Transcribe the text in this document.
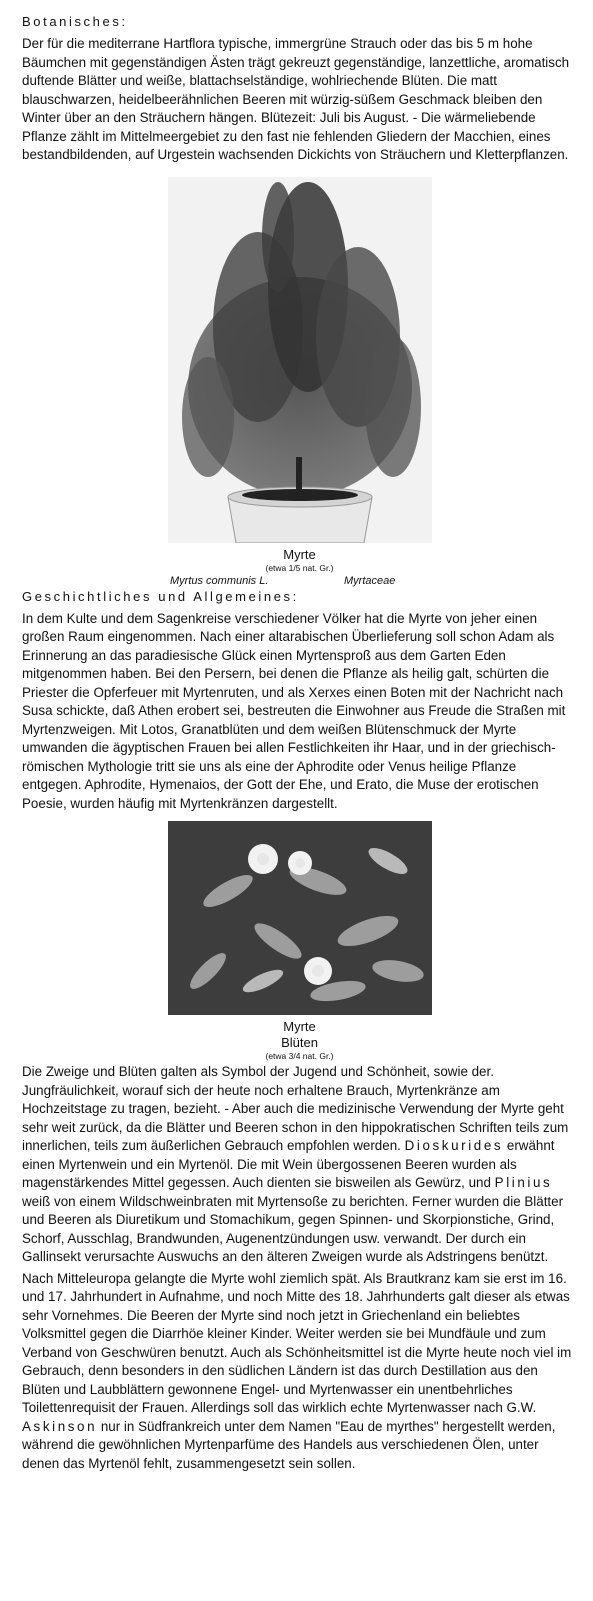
Botanisches:

Der für die mediterrane Hartflora typische, immergrüne Strauch oder das bis 5 m hohe Bäumchen mit gegenständigen Ästen trägt gekreuzt gegenständige, lanzettliche, aromatisch duftende Blätter und weiße, blattachselständige, wohlriechende Blüten. Die matt blauschwarzen, heidelbeerähnlichen Beeren mit würzig-süßem Geschmack bleiben den Winter über an den Sträuchern hängen. Blütezeit: Juli bis August. - Die wärmeliebende Pflanze zählt im Mittelmeergebiet zu den fast nie fehlenden Gliedern der Macchien, eines bestandbildenden, auf Urgestein wachsenden Dickichts von Sträuchern und Kletterpflanzen.

Myrte
(etwa 1/5 nat. Gr.)
Myrtus communis L.	Myrtaceae
Geschichtliches und Allgemeines:

In dem Kulte und dem Sagenkreise verschiedener Völker hat die Myrte von jeher einen großen Raum eingenommen. Nach einer altarabischen Überlieferung soll schon Adam als Erinnerung an das paradiesische Glück einen Myrtensproß aus dem Garten Eden mitgenommen haben. Bei den Persern, bei denen die Pflanze als heilig galt, schürten die Priester die Opferfeuer mit Myrtenruten, und als Xerxes einen Boten mit der Nachricht nach Susa schickte, daß Athen erobert sei, bestreuten die Einwohner aus Freude die Straßen mit Myrtenzweigen. Mit Lotos, Granatblüten und dem weißen Blütenschmuck der Myrte umwanden die ägyptischen Frauen bei allen Festlichkeiten ihr Haar, und in der griechisch-römischen Mythologie tritt sie uns als eine der Aphrodite oder Venus heilige Pflanze entgegen. Aphrodite, Hymenaios, der Gott der Ehe, und Erato, die Muse der erotischen Poesie, wurden häufig mit Myrtenkränzen dargestellt.

Myrte
Blüten
(etwa 3/4 nat. Gr.)

Die Zweige und Blüten galten als Symbol der Jugend und Schönheit, sowie der. Jungfräulichkeit, worauf sich der heute noch erhaltene Brauch, Myrtenkränze am Hochzeitstage zu tragen, bezieht. - Aber auch die medizinische Verwendung der Myrte geht sehr weit zurück, da die Blätter und Beeren schon in den hippokratischen Schriften teils zum innerlichen, teils zum äußerlichen Gebrauch empfohlen werden. Dioskurides erwähnt einen Myrtenwein und ein Myrtenöl. Die mit Wein übergossenen Beeren wurden als magenstärkendes Mittel gegessen. Auch dienten sie bisweilen als Gewürz, und Plinius weiß von einem Wildschweinbraten mit Myrtensoße zu berichten. Ferner wurden die Blätter und Beeren als Diuretikum und Stomachikum, gegen Spinnen- und Skorpionstiche, Grind, Schorf, Ausschlag, Brandwunden, Augenentzündungen usw. verwandt. Der durch ein Gallinsekt verursachte Auswuchs an den älteren Zweigen wurde als Adstringens benützt.

Nach Mitteleuropa gelangte die Myrte wohl ziemlich spät. Als Brautkranz kam sie erst im 16. und 17. Jahrhundert in Aufnahme, und noch Mitte des 18. Jahrhunderts galt dieser als etwas sehr Vornehmes. Die Beeren der Myrte sind noch jetzt in Griechenland ein beliebtes Volksmittel gegen die Diarrhöe kleiner Kinder. Weiter werden sie bei Mundfäule und zum Verband von Geschwüren benutzt. Auch als Schönheitsmittel ist die Myrte heute noch viel im Gebrauch, denn besonders in den südlichen Ländern ist das durch Destillation aus den Blüten und Laubblättern gewonnene Engel- und Myrtenwasser ein unentbehrliches Toilettenrequisit der Frauen. Allerdings soll das wirklich echte Myrtenwasser nach G.W. Askinson nur in Südfrankreich unter dem Namen "Eau de myrthes" hergestellt werden, während die gewöhnlichen Myrtenparfüme des Handels aus verschiedenen Ölen, unter denen das Myrtenöl fehlt, zusammengesetzt sein sollen.
